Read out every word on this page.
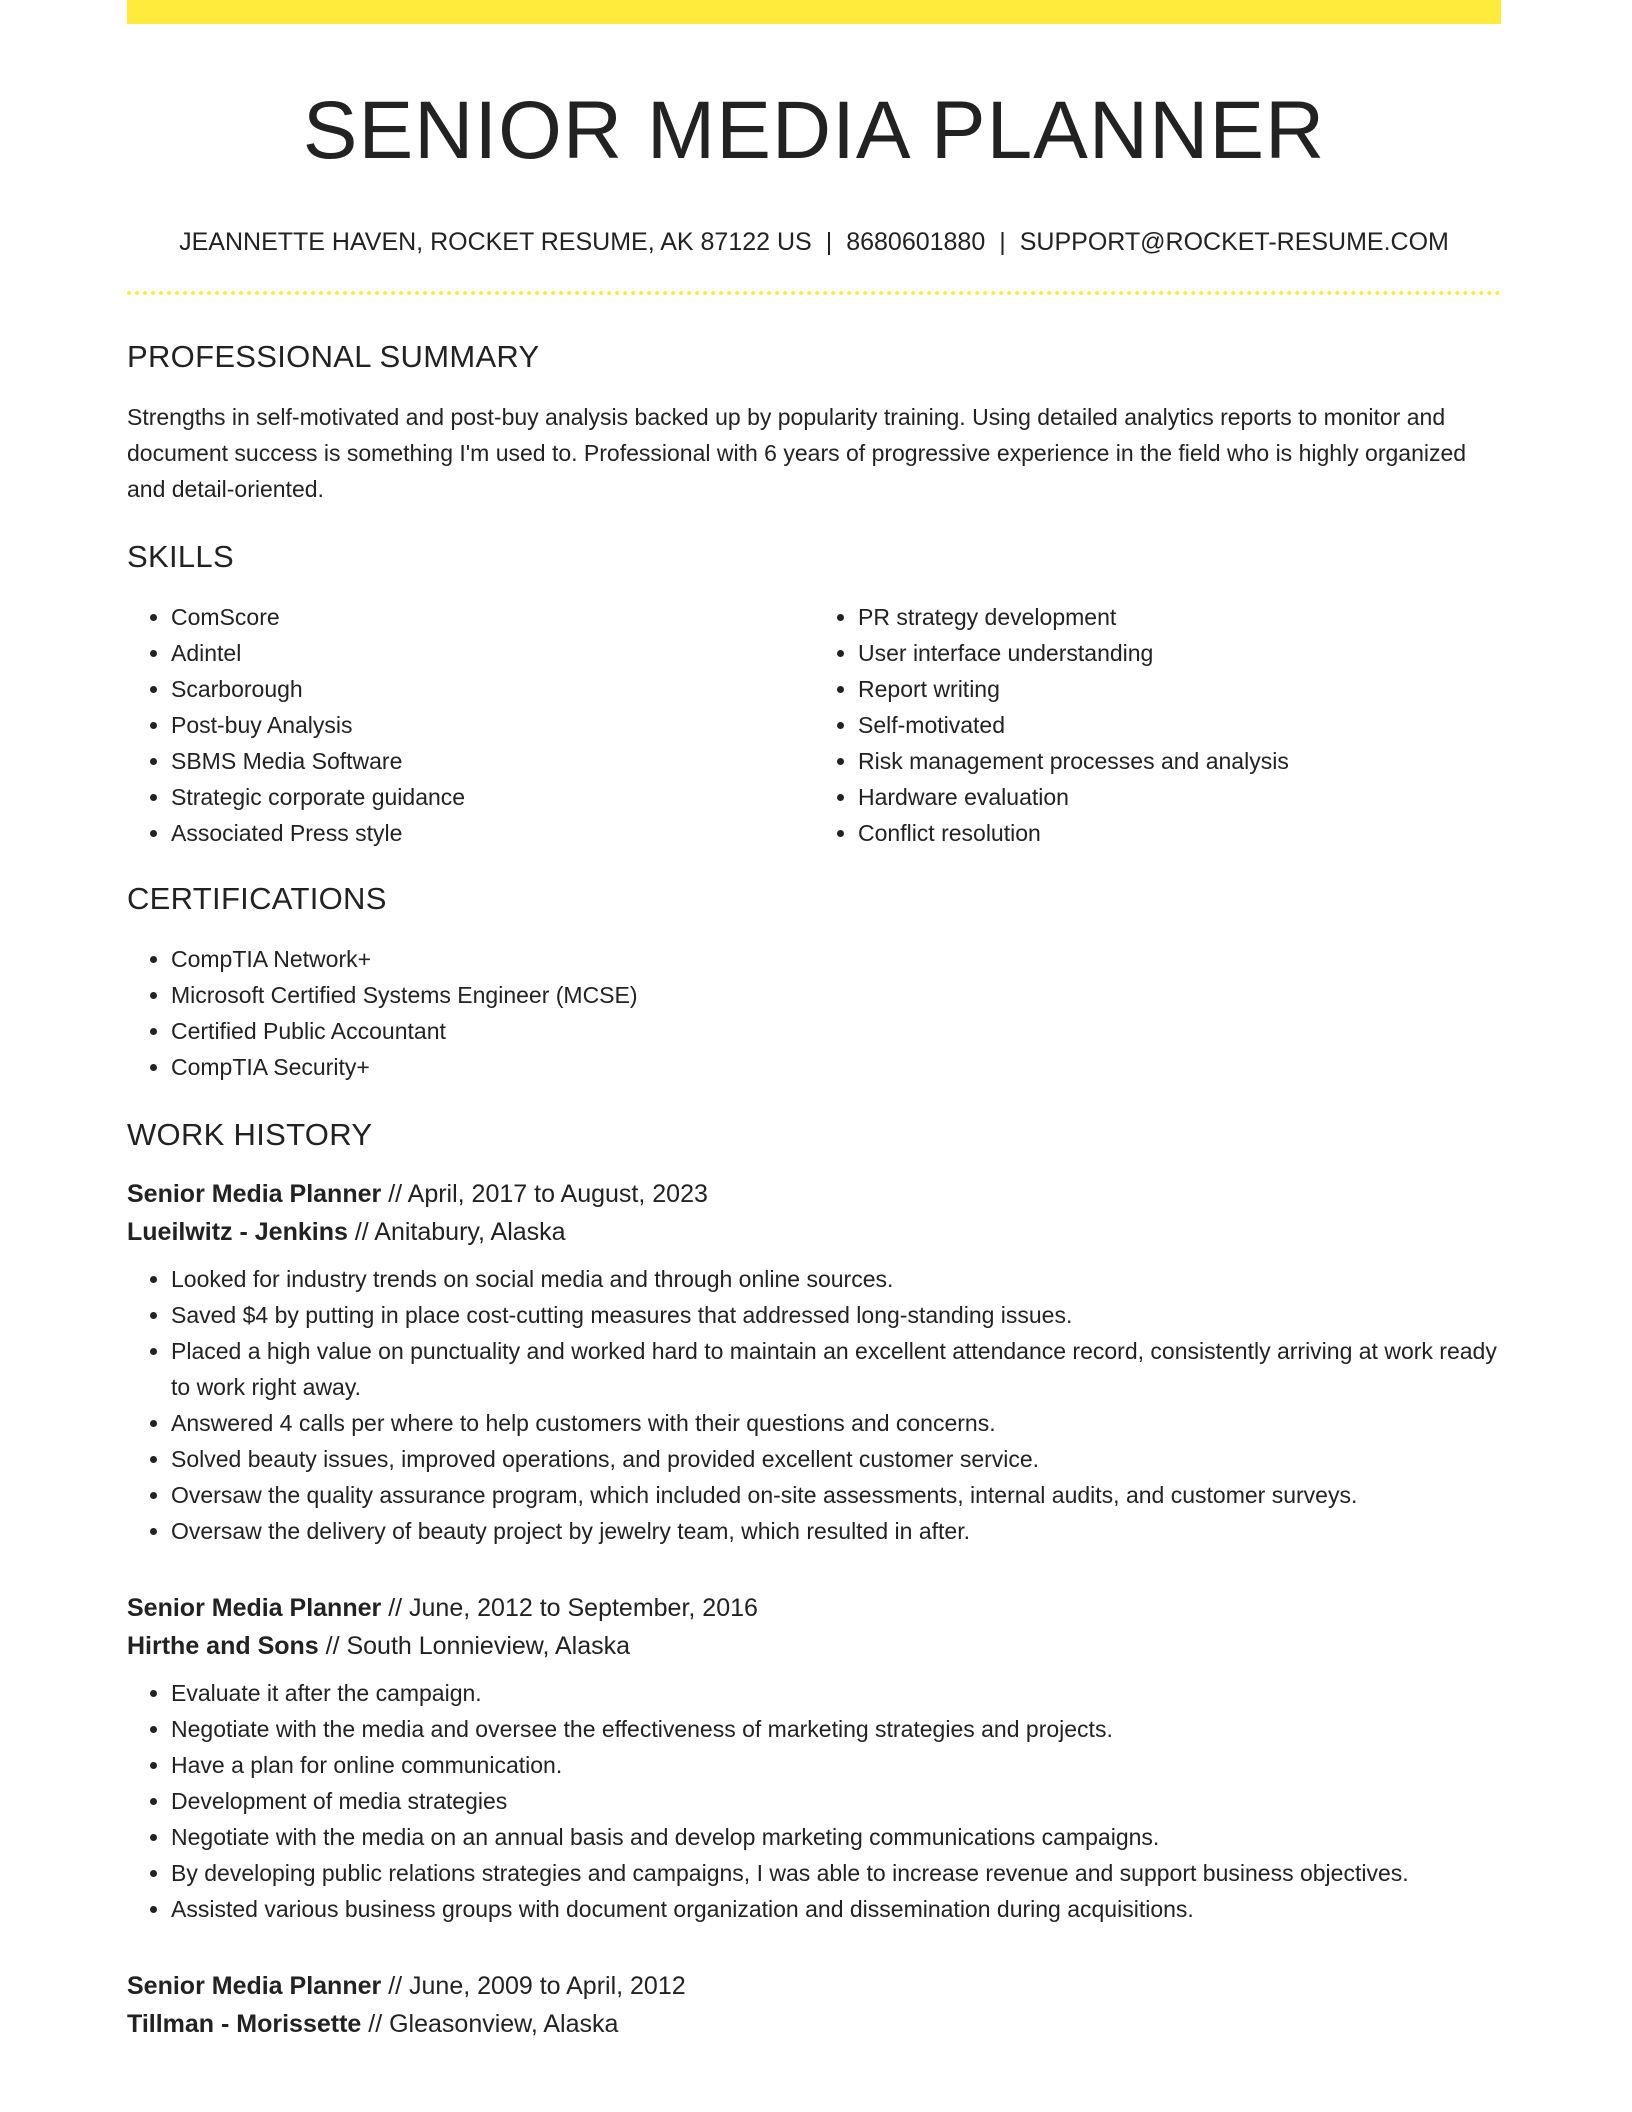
SENIOR MEDIA PLANNER
JEANNETTE HAVEN, ROCKET RESUME, AK 87122 US | 8680601880 | SUPPORT@ROCKET-RESUME.COM
PROFESSIONAL SUMMARY
Strengths in self-motivated and post-buy analysis backed up by popularity training. Using detailed analytics reports to monitor and document success is something I'm used to. Professional with 6 years of progressive experience in the field who is highly organized and detail-oriented.
SKILLS
• ComScore
• Adintel
• Scarborough
• Post-buy Analysis
• SBMS Media Software
• Strategic corporate guidance
• Associated Press style
• PR strategy development
• User interface understanding
• Report writing
• Self-motivated
• Risk management processes and analysis
• Hardware evaluation
• Conflict resolution
CERTIFICATIONS
• CompTIA Network+
• Microsoft Certified Systems Engineer (MCSE)
• Certified Public Accountant
• CompTIA Security+
WORK HISTORY
Senior Media Planner // April, 2017 to August, 2023
Lueilwitz - Jenkins // Anitabury, Alaska
• Looked for industry trends on social media and through online sources.
• Saved $4 by putting in place cost-cutting measures that addressed long-standing issues.
• Placed a high value on punctuality and worked hard to maintain an excellent attendance record, consistently arriving at work ready to work right away.
• Answered 4 calls per where to help customers with their questions and concerns.
• Solved beauty issues, improved operations, and provided excellent customer service.
• Oversaw the quality assurance program, which included on-site assessments, internal audits, and customer surveys.
• Oversaw the delivery of beauty project by jewelry team, which resulted in after.
Senior Media Planner // June, 2012 to September, 2016
Hirthe and Sons // South Lonnieview, Alaska
• Evaluate it after the campaign.
• Negotiate with the media and oversee the effectiveness of marketing strategies and projects.
• Have a plan for online communication.
• Development of media strategies
• Negotiate with the media on an annual basis and develop marketing communications campaigns.
• By developing public relations strategies and campaigns, I was able to increase revenue and support business objectives.
• Assisted various business groups with document organization and dissemination during acquisitions.
Senior Media Planner // June, 2009 to April, 2012
Tillman - Morissette // Gleasonview, Alaska
